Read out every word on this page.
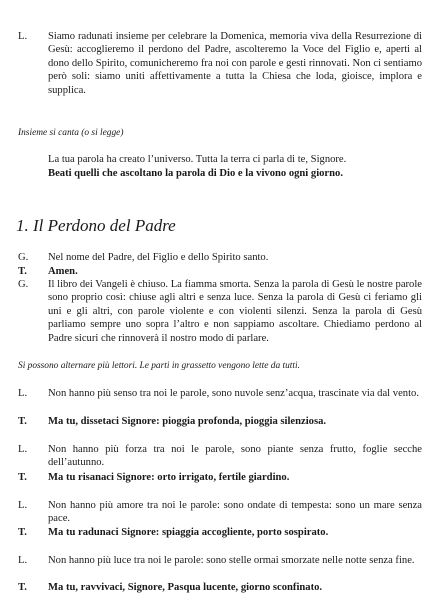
L.	Siamo radunati insieme per celebrare la Domenica, memoria viva della Resurrezione di Gesù: accoglieremo il perdono del Padre, ascolteremo la Voce del Figlio e, aperti al dono dello Spirito, comunicheremo fra noi con parole e gesti rinnovati. Non ci sentiamo però soli: siamo uniti affettivamente a tutta la Chiesa che loda, gioisce, implora e supplica.
Insieme si canta (o si legge)
La tua parola ha creato l’universo. Tutta la terra ci parla di te, Signore.
Beati quelli che ascoltano la parola di Dio e la vivono ogni giorno.
1. Il Perdono del Padre
G.	Nel nome del Padre, del Figlio e dello Spirito santo.
T.	Amen.
G.	Il libro dei Vangeli è chiuso. La fiamma smorta. Senza la parola di Gesù le nostre parole sono proprio così: chiuse agli altri e senza luce. Senza la parola di Gesù ci feriamo gli uni e gli altri, con parole violente e con violenti silenzi. Senza la parola di Gesù parliamo sempre uno sopra l’altro e non sappiamo ascoltare. Chiediamo perdono al Padre sicuri che rinnoverà il nostro modo di parlare.
Si possono alternare più lettori. Le parti in grassetto vengono lette da tutti.
L.	Non hanno più senso tra noi le parole, sono nuvole senz’acqua, trascinate via dal vento.
T.	Ma tu, dissetaci Signore: pioggia profonda, pioggia silenziosa.
L.	Non hanno più forza tra noi le parole, sono piante senza frutto, foglie secche dell’autunno.
T.	Ma tu risanaci Signore: orto irrigato, fertile giardino.
L.	Non hanno più amore tra noi le parole: sono ondate di tempesta: sono un mare senza pace.
T.	Ma tu radunaci Signore: spiaggia accogliente, porto sospirato.
L.	Non hanno più luce tra noi le parole: sono stelle ormai smorzate nelle notte senza fine.
T.	Ma tu, ravvivaci, Signore, Pasqua lucente, giorno sconfinato.
